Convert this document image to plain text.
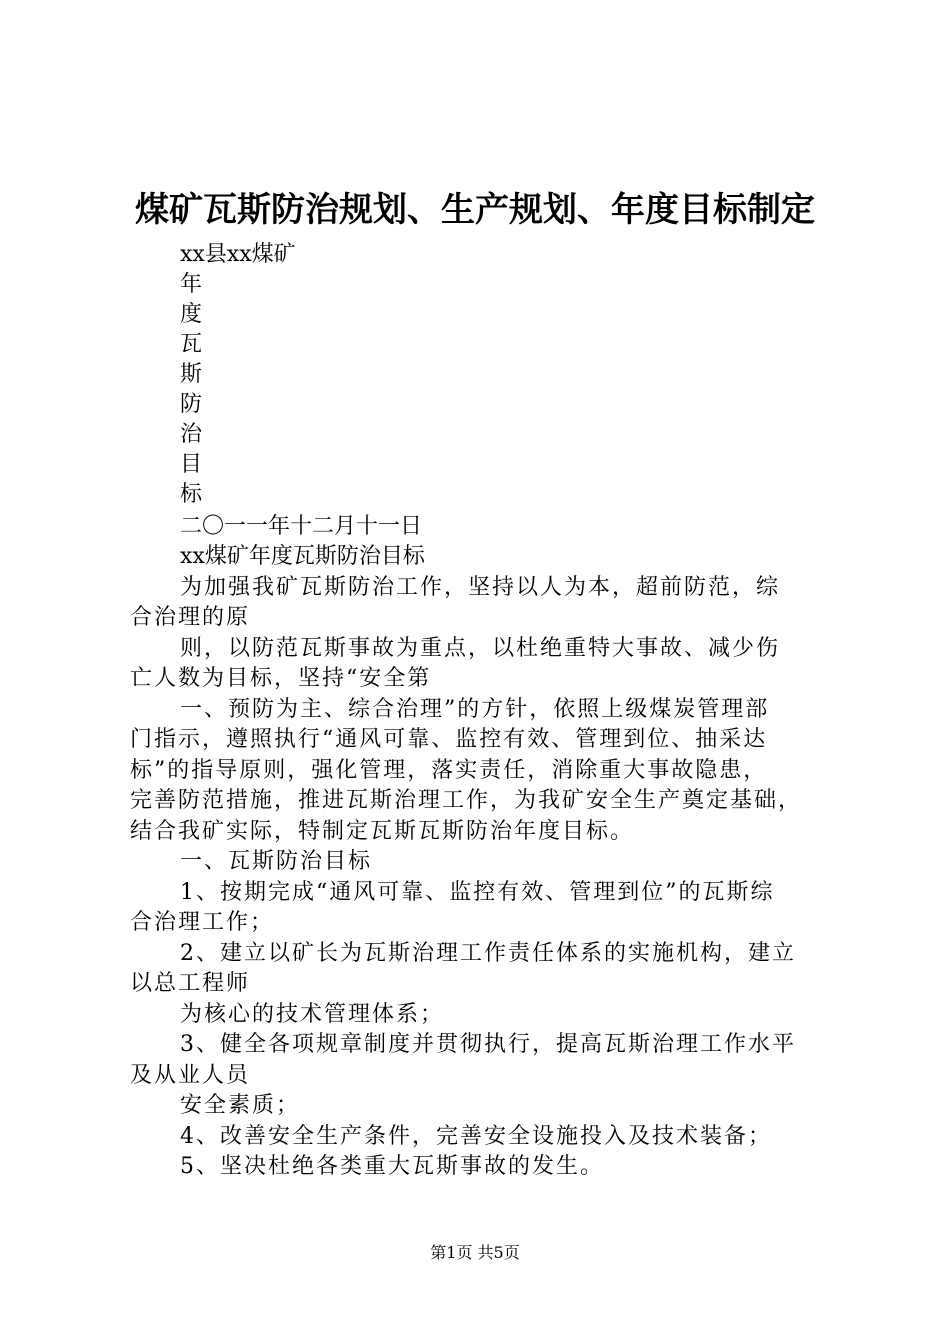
煤矿瓦斯防治规划、生产规划、年度目标制定
xx县xx煤矿
年
度
瓦
斯
防
治
目
标
二〇一一年十二月十一日
xx煤矿年度瓦斯防治目标
为加强我矿瓦斯防治工作，坚持以人为本，超前防范，综
合治理的原
则，以防范瓦斯事故为重点，以杜绝重特大事故、减少伤
亡人数为目标，坚持“安全第
一、预防为主、综合治理”的方针，依照上级煤炭管理部
门指示，遵照执行“通风可靠、监控有效、管理到位、抽采达
标”的指导原则，强化管理，落实责任，消除重大事故隐患，
完善防范措施，推进瓦斯治理工作，为我矿安全生产奠定基础，
结合我矿实际，特制定瓦斯瓦斯防治年度目标。
一、瓦斯防治目标
1、按期完成“通风可靠、监控有效、管理到位”的瓦斯综
合治理工作；
2、建立以矿长为瓦斯治理工作责任体系的实施机构，建立
以总工程师
为核心的技术管理体系；
3、健全各项规章制度并贯彻执行，提高瓦斯治理工作水平
及从业人员
安全素质；
4、改善安全生产条件，完善安全设施投入及技术装备；
5、坚决杜绝各类重大瓦斯事故的发生。
第1页 共5页
